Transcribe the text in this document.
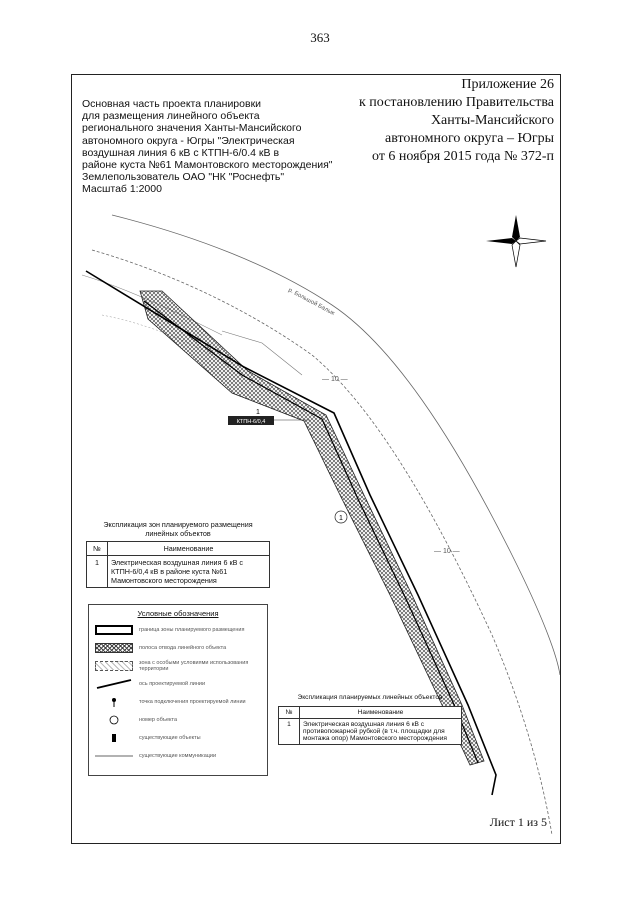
363
1
КТПН-6/0,4
1
р. Большой Балык
— 10 —
— 10 —
Приложение 26
к постановлению Правительства
Ханты-Мансийского
автономного округа – Югры
от 6 ноября 2015 года № 372-п
Основная часть проекта планировки
для размещения линейного объекта
регионального значения Ханты-Мансийского
автономного округа - Югры "Электрическая
воздушная линия 6 кВ с КТПН-6/0.4 кВ в
районе куста №61 Мамонтовского месторождения"
Землепользователь ОАО "НК "Роснефть"
Масштаб 1:2000
Экспликация зон планируемого размещения линейных объектов
№	Наименование
1	Электрическая воздушная линия 6 кВ с КТПН-6/0,4 кВ в районе куста №61 Мамонтовского месторождения
Условные обозначения
граница зоны планируемого размещения
полоса отвода линейного объекта
зона с особыми условиями использования территории
ось проектируемой линии
точка подключения проектируемой линии
номер объекта
существующие объекты
существующие коммуникации
Экспликация планируемых линейных объектов
№	Наименование
1	Электрическая воздушная линия 6 кВ с противопожарной рубкой (в т.ч. площадки для монтажа опор) Мамонтовского месторождения
Лист 1 из 5
